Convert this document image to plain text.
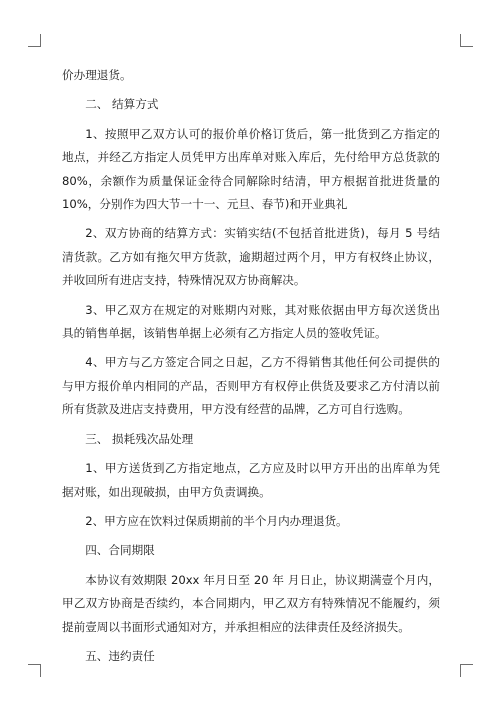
价办理退货。

二、 结算方式

1、按照甲乙双方认可的报价单价格订货后，第一批货到乙方指定的地点，并经乙方指定人员凭甲方出库单对账入库后，先付给甲方总货款的 80%，余额作为质量保证金待合同解除时结清，甲方根据首批进货量的 10%，分别作为四大节一十一、元旦、春节)和开业典礼

2、双方协商的结算方式：实销实结(不包括首批进货)，每月 5 号结清货款。乙方如有拖欠甲方货款，逾期超过两个月，甲方有权终止协议，并收回所有进店支持，特殊情况双方协商解决。

3、甲乙双方在规定的对账期内对账，其对账依据由甲方每次送货出具的销售单据，该销售单据上必须有乙方指定人员的签收凭证。

4、甲方与乙方签定合同之日起，乙方不得销售其他任何公司提供的与甲方报价单内相同的产品，否则甲方有权停止供货及要求乙方付清以前所有货款及进店支持费用，甲方没有经营的品牌，乙方可自行选购。

三、 损耗残次品处理

1、甲方送货到乙方指定地点，乙方应及时以甲方开出的出库单为凭据对账，如出现破损，由甲方负责调换。

2、甲方应在饮料过保质期前的半个月内办理退货。

四、合同期限

本协议有效期限 20xx 年月日至 20 年 月日止，协议期满壹个月内，甲乙双方协商是否续约，本合同期内，甲乙双方有特殊情况不能履约，须提前壹周以书面形式通知对方，并承担相应的法律责任及经济损失。

五、违约责任
